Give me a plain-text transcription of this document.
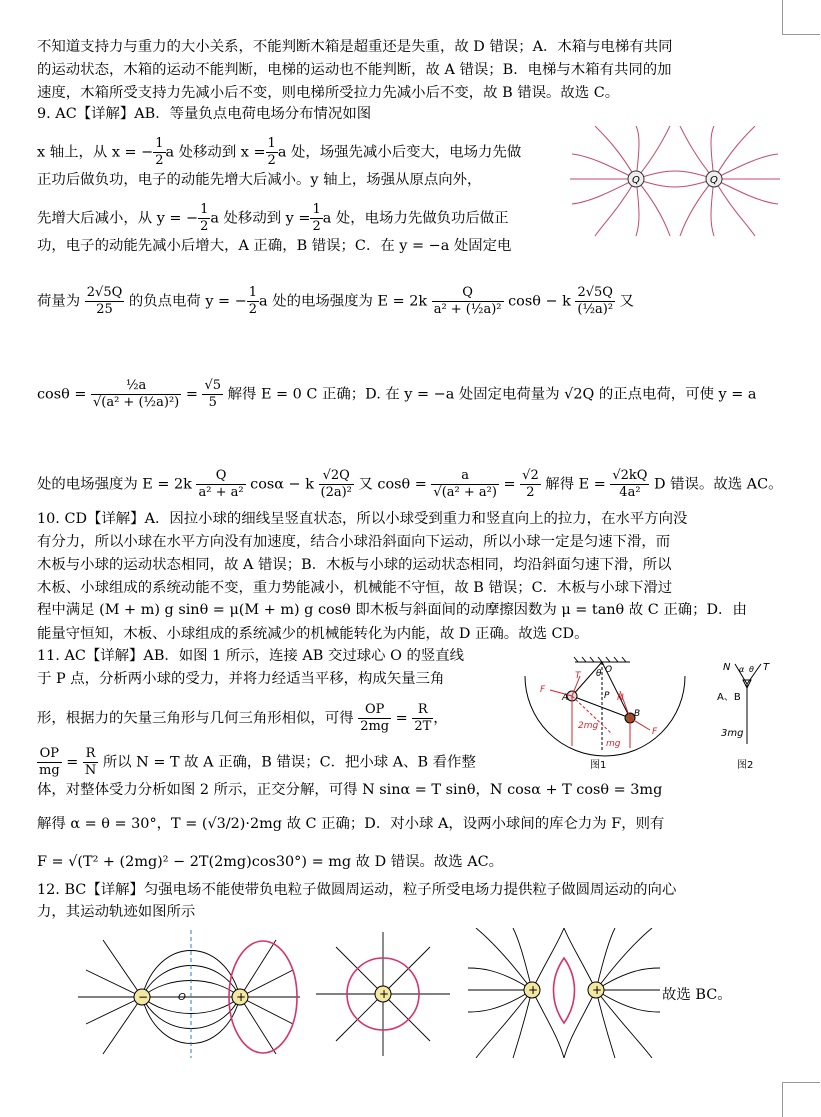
不知道支持力与重力的大小关系，不能判断木箱是超重还是失重，故 D 错误；A．木箱与电梯有共同
的运动状态，木箱的运动不能判断，电梯的运动也不能判断，故 A 错误；B．电梯与木箱有共同的加
速度，木箱所受支持力先减小后不变，则电梯所受拉力先减小后不变，故 B 错误。故选 C。
9. AC【详解】AB．等量负点电荷电场分布情况如图
x 轴上，从 x = − $\frac{1}{2}$ a 处移动到 $x = \frac{1}{2}$ a 处，场强先减小后变大，电场力先做
正功后做负功，电子的动能先增大后减小。y 轴上，场强从原点向外，
先增大后减小，从 y = − $\frac{1}{2}$ a 处移动到 $y = \frac{1}{2}$ a 处，电场力先做负功后做正
功，电子的动能先减小后增大，A 正确，B 错误；C．在 y = −a 处固定电
荷量为 $\frac{2√5Q}{25}$ 的负点电荷 y = − $\frac{1}{2}$ a 处的电场强度为 $E = 2k \frac{Q}{\text{a² + (½a)²}}$ cosθ − k $\frac{2√5Q}{\text{(½a)²}}$ 又
$\cos\theta = \frac{\text{½a}}{\text{√(a² + (½a)²)}} = \frac{√5}{5}$ 解得 E = 0 C 正确；D. 在 y = −a 处固定电荷量为 √2Q 的正点电荷，可使 y = a
处的电场强度为 $E = 2k \frac{Q}{\text{a² + a²}}$ cosα − k $\frac{√2Q}{\text{(2a)²}}$ 又 $\cos\theta = \frac{a}{\text{√(a² + a²)}} = \frac{√2}{2}$ 解得 $E = \frac{√2kQ}{\text{4a²}}$ D 错误。故选 AC。
Q	Q
10. CD【详解】A．因拉小球的细线呈竖直状态，所以小球受到重力和竖直向上的拉力，在水平方向没
有分力，所以小球在水平方向没有加速度，结合小球沿斜面向下运动，所以小球一定是匀速下滑，而
木板与小球的运动状态相同，故 A 错误；B．木板与小球的运动状态相同，均沿斜面匀速下滑，所以
木板、小球组成的系统动能不变，重力势能减小，机械能不守恒，故 B 错误；C．木板与小球下滑过
程中满足 (M + m) g sinθ = μ(M + m) g cosθ 即木板与斜面间的动摩擦因数为 μ = tanθ 故 C 正确；D．由
能量守恒知，木板、小球组成的系统减少的机械能转化为内能，故 D 正确。故选 CD。
11. AC【详解】AB．如图 1 所示，连接 AB 交过球心 O 的竖直线
于 P 点，分析两小球的受力，并将力经适当平移，构成矢量三角
形，根据力的矢量三角形与几何三角形相似，可得 $\frac{OP}{2mg} = \frac{R}{2T}$ ，
$\frac{OP}{mg} = \frac{R}{N}$ 所以 N = T 故 A 正确，B 错误；C．把小球 A、B 看作整
体，对整体受力分析如图 2 所示，正交分解，可得 N sinα = T sinθ，N cosα + T cosθ = 3mg
解得 α = θ = 30°，T = (√3/2)·2mg 故 C 正确；D．对小球 A，设两小球间的库仑力为 F，则有
F = √(T² + (2mg)² − 2T(2mg)cos30°) = mg 故 D 错误。故选 AC。
F
T
A
O
P N
B
2mg
F
mg
θ
图1
N	T
α θ
A、B
3mg
图2
12. BC【详解】匀强电场不能使带负电粒子做圆周运动，粒子所受电场力提供粒子做圆周运动的向心
力，其运动轨迹如图所示
−	+
O	+	+	+	故选 BC。
